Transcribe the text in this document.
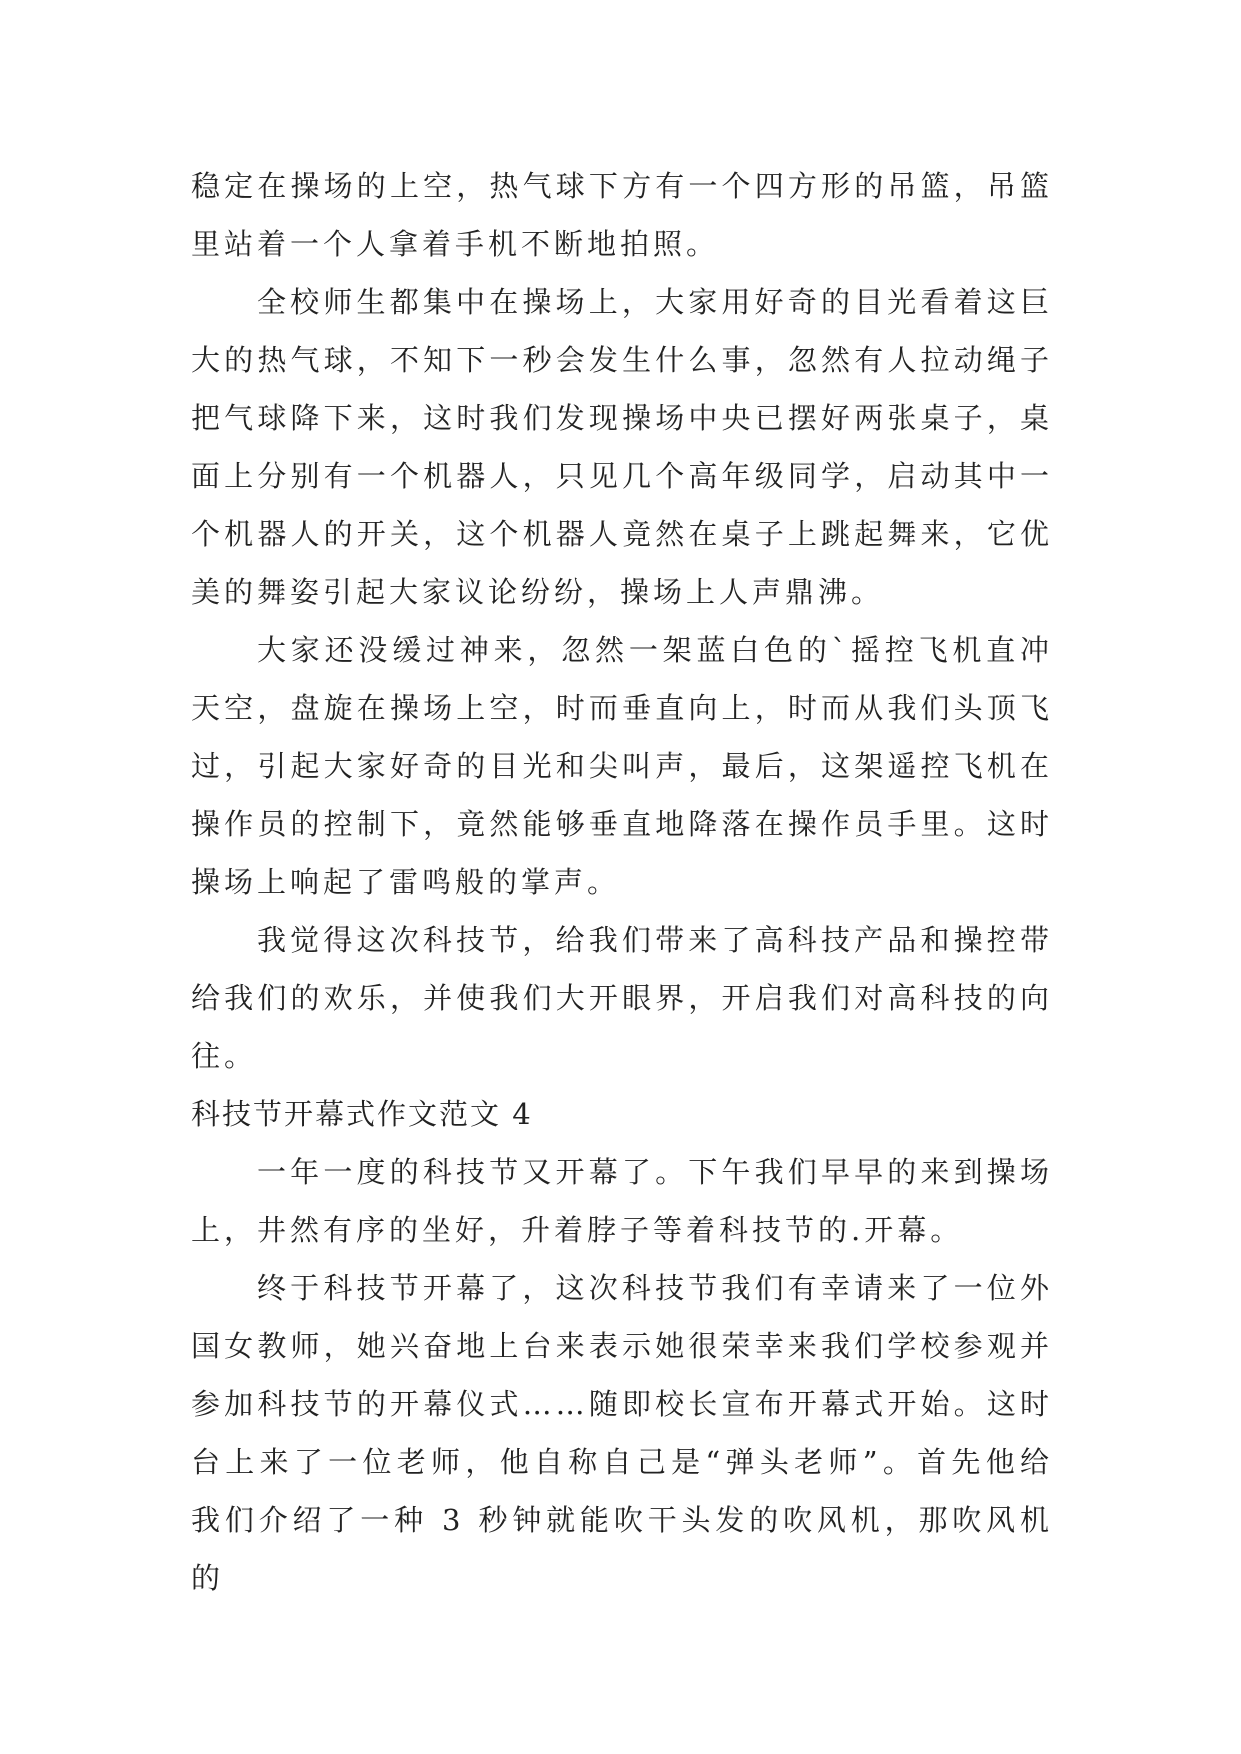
稳定在操场的上空，热气球下方有一个四方形的吊篮，吊篮里站着一个人拿着手机不断地拍照。

全校师生都集中在操场上，大家用好奇的目光看着这巨大的热气球，不知下一秒会发生什么事，忽然有人拉动绳子把气球降下来，这时我们发现操场中央已摆好两张桌子，桌面上分别有一个机器人，只见几个高年级同学，启动其中一个机器人的开关，这个机器人竟然在桌子上跳起舞来，它优美的舞姿引起大家议论纷纷，操场上人声鼎沸。

大家还没缓过神来，忽然一架蓝白色的`摇控飞机直冲天空，盘旋在操场上空，时而垂直向上，时而从我们头顶飞过，引起大家好奇的目光和尖叫声，最后，这架遥控飞机在操作员的控制下，竟然能够垂直地降落在操作员手里。这时操场上响起了雷鸣般的掌声。

我觉得这次科技节，给我们带来了高科技产品和操控带给我们的欢乐，并使我们大开眼界，开启我们对高科技的向往。

科技节开幕式作文范文 4

一年一度的科技节又开幕了。下午我们早早的来到操场上，井然有序的坐好，升着脖子等着科技节的.开幕。

终于科技节开幕了，这次科技节我们有幸请来了一位外国女教师，她兴奋地上台来表示她很荣幸来我们学校参观并参加科技节的开幕仪式……随即校长宣布开幕式开始。这时台上来了一位老师，他自称自己是“弹头老师”。首先他给我们介绍了一种 3 秒钟就能吹干头发的吹风机，那吹风机的
